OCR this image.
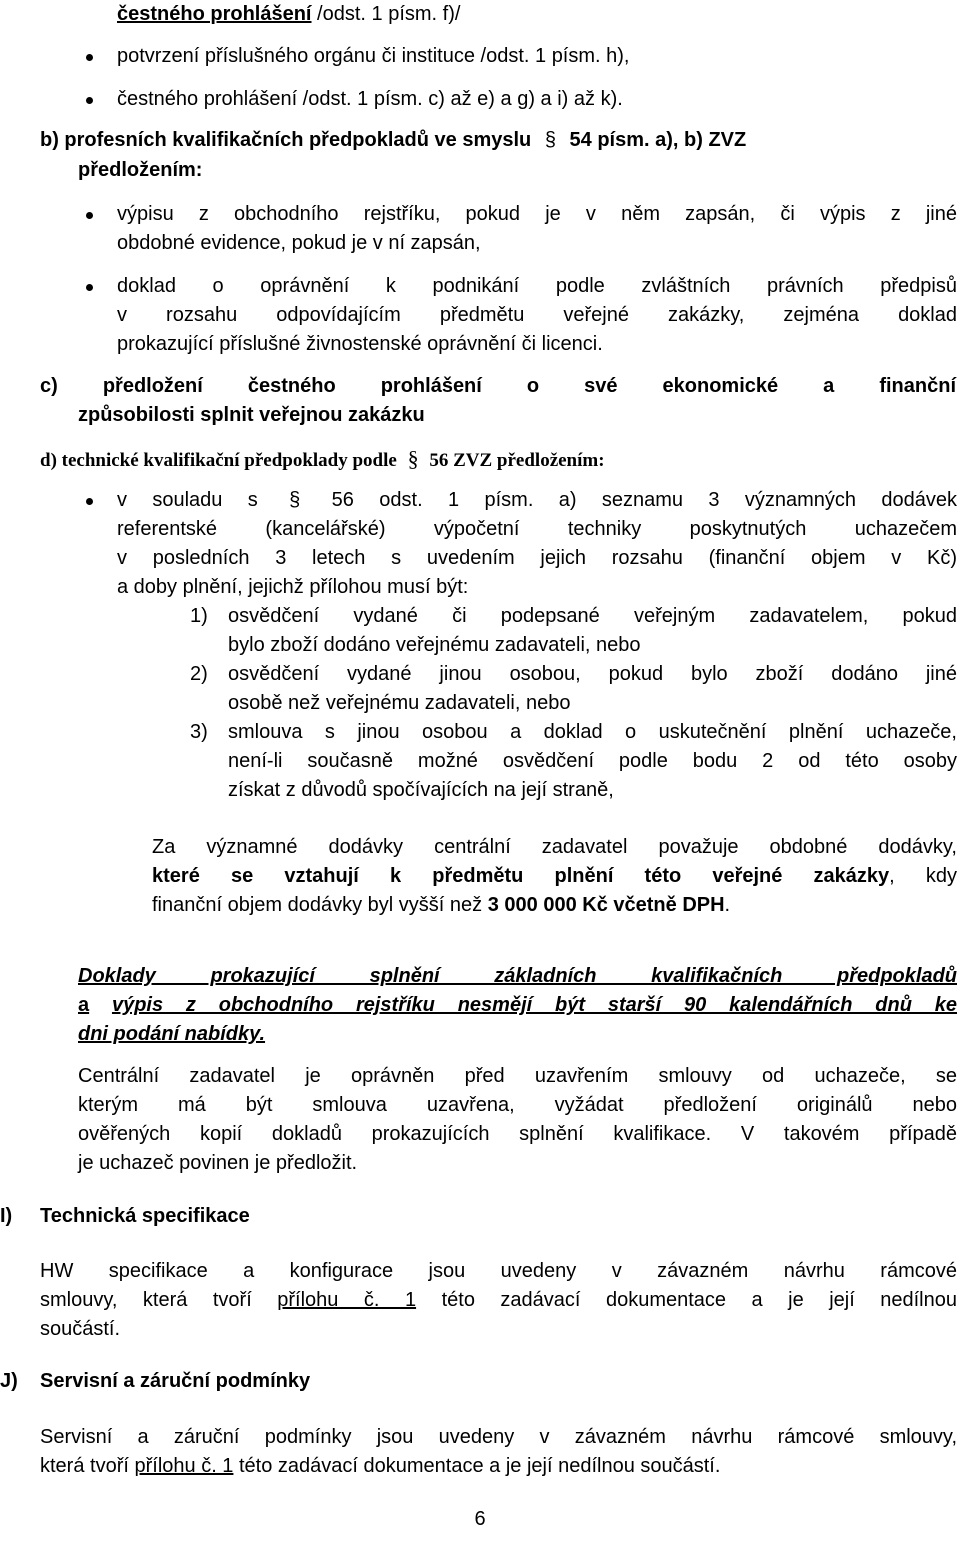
čestného prohlášení /odst. 1 písm. f)/
potvrzení příslušného orgánu či instituce /odst. 1 písm. h),
čestného prohlášení /odst. 1 písm. c) až e) a g) a i) až k).
b) profesních kvalifikačních předpokladů ve smyslu § 54 písm. a), b) ZVZ
předložením:
výpisu z obchodního rejstříku, pokud je v něm zapsán, či výpis z jiné
obdobné evidence, pokud je v ní zapsán,
doklad o oprávnění k podnikání podle zvláštních právních předpisů
v rozsahu odpovídajícím předmětu veřejné zakázky, zejména doklad
prokazující příslušné živnostenské oprávnění či licenci.
c) předložení čestného prohlášení o své ekonomické a finanční
způsobilosti splnit veřejnou zakázku
d) technické kvalifikační předpoklady podle § 56 ZVZ předložením:
v souladu s § 56 odst. 1 písm. a) seznamu 3 významných dodávek
referentské (kancelářské) výpočetní techniky poskytnutých uchazečem
v posledních 3 letech s uvedením jejich rozsahu (finanční objem v Kč)
a doby plnění, jejichž přílohou musí být:
1) osvědčení vydané či podepsané veřejným zadavatelem, pokud
bylo zboží dodáno veřejnému zadavateli, nebo
2) osvědčení vydané jinou osobou, pokud bylo zboží dodáno jiné
osobě než veřejnému zadavateli, nebo
3) smlouva s jinou osobou a doklad o uskutečnění plnění uchazeče,
není-li současně možné osvědčení podle bodu 2 od této osoby
získat z důvodů spočívajících na její straně,
Za významné dodávky centrální zadavatel považuje obdobné dodávky,
které se vztahují k předmětu plnění této veřejné zakázky, kdy
finanční objem dodávky byl vyšší než 3 000 000 Kč včetně DPH.
Doklady prokazující splnění základních kvalifikačních předpokladů
a výpis z obchodního rejstříku nesmějí být starší 90 kalendářních dnů ke
dni podání nabídky.
Centrální zadavatel je oprávněn před uzavřením smlouvy od uchazeče, se
kterým má být smlouva uzavřena, vyžádat předložení originálů nebo
ověřených kopií dokladů prokazujících splnění kvalifikace. V takovém případě
je uchazeč povinen je předložit.
I) Technická specifikace
HW specifikace a konfigurace jsou uvedeny v závazném návrhu rámcové
smlouvy, která tvoří přílohu č. 1 této zadávací dokumentace a je její nedílnou
součástí.
J) Servisní a záruční podmínky
Servisní a záruční podmínky jsou uvedeny v závazném návrhu rámcové smlouvy,
která tvoří přílohu č. 1 této zadávací dokumentace a je její nedílnou součástí.
6
